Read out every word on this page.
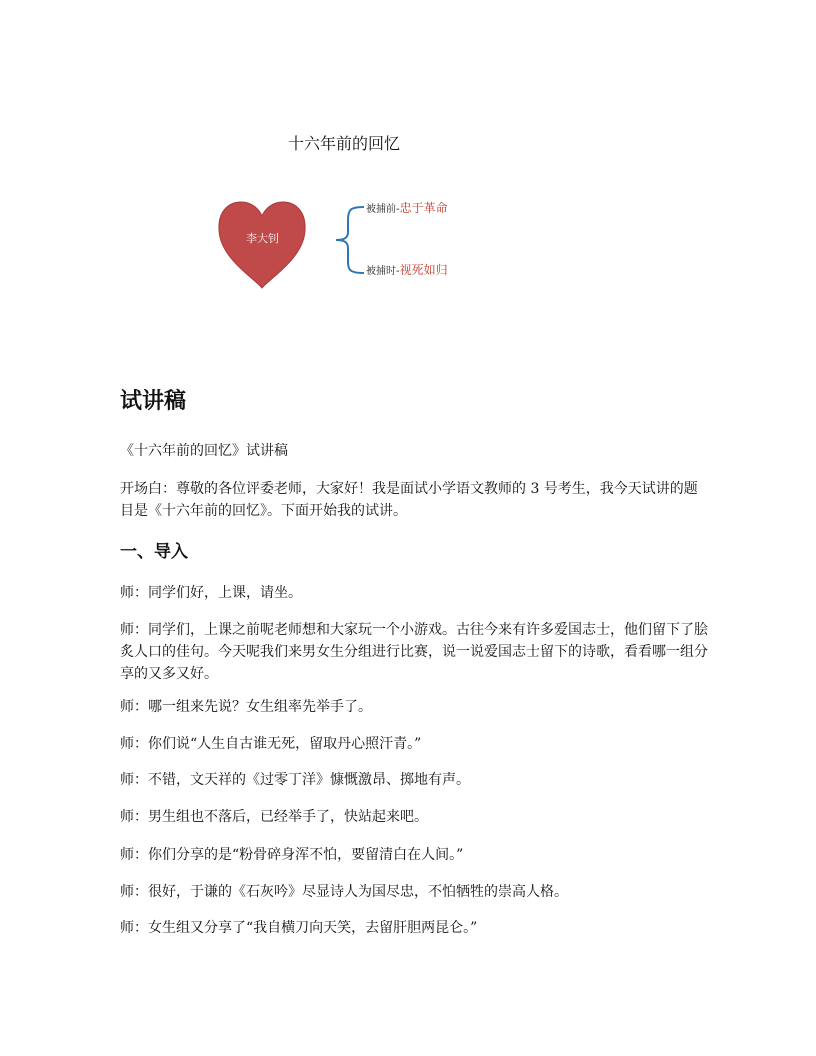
十六年前的回忆
李大钊
被捕前-忠于革命
被捕时-视死如归
试讲稿

《十六年前的回忆》试讲稿

开场白：尊敬的各位评委老师，大家好！我是面试小学语文教师的 3 号考生，我今天试讲的题目是《十六年前的回忆》。下面开始我的试讲。

一、导入

师：同学们好，上课，请坐。

师：同学们，上课之前呢老师想和大家玩一个小游戏。古往今来有许多爱国志士，他们留下了脍炙人口的佳句。今天呢我们来男女生分组进行比赛，说一说爱国志士留下的诗歌，看看哪一组分享的又多又好。

师：哪一组来先说？女生组率先举手了。

师：你们说“人生自古谁无死，留取丹心照汗青。”

师：不错，文天祥的《过零丁洋》慷慨激昂、掷地有声。

师：男生组也不落后，已经举手了，快站起来吧。

师：你们分享的是“粉骨碎身浑不怕，要留清白在人间。”

师：很好，于谦的《石灰吟》尽显诗人为国尽忠，不怕牺牲的崇高人格。

师：女生组又分享了“我自横刀向天笑，去留肝胆两昆仑。”
